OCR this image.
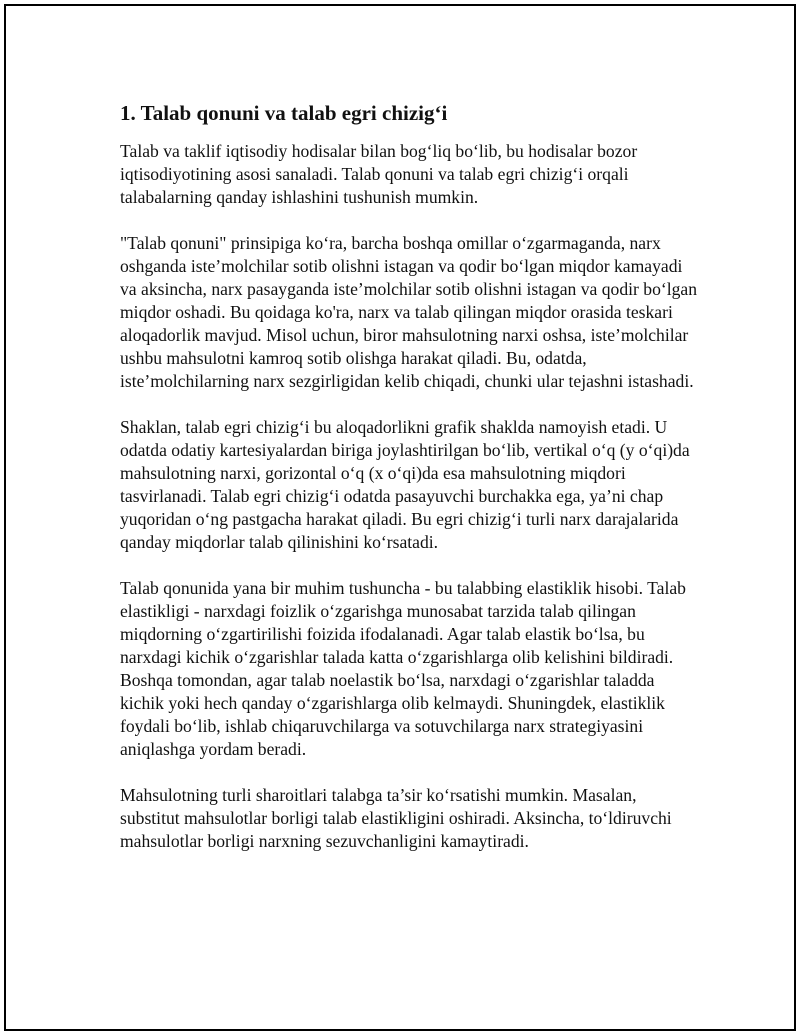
1. Talab qonuni va talab egri chizig‘i

Talab va taklif iqtisodiy hodisalar bilan bog‘liq bo‘lib, bu hodisalar bozor iqtisodiyotining asosi sanaladi. Talab qonuni va talab egri chizig‘i orqali talabalarning qanday ishlashini tushunish mumkin.

"Talab qonuni" prinsipiga ko‘ra, barcha boshqa omillar o‘zgarmaganda, narx oshganda iste’molchilar sotib olishni istagan va qodir bo‘lgan miqdor kamayadi va aksincha, narx pasayganda iste’molchilar sotib olishni istagan va qodir bo‘lgan miqdor oshadi. Bu qoidaga ko'ra, narx va talab qilingan miqdor orasida teskari aloqadorlik mavjud. Misol uchun, biror mahsulotning narxi oshsa, iste’molchilar ushbu mahsulotni kamroq sotib olishga harakat qiladi. Bu, odatda, iste’molchilarning narx sezgirligidan kelib chiqadi, chunki ular tejashni istashadi.

Shaklan, talab egri chizig‘i bu aloqadorlikni grafik shaklda namoyish etadi. U odatda odatiy kartesiyalardan biriga joylashtirilgan bo‘lib, vertikal o‘q (y o‘qi)da mahsulotning narxi, gorizontal o‘q (x o‘qi)da esa mahsulotning miqdori tasvirlanadi. Talab egri chizig‘i odatda pasayuvchi burchakka ega, ya’ni chap yuqoridan o‘ng pastgacha harakat qiladi. Bu egri chizig‘i turli narx darajalarida qanday miqdorlar talab qilinishini ko‘rsatadi.

Talab qonunida yana bir muhim tushuncha - bu talabbing elastiklik hisobi. Talab elastikligi - narxdagi foizlik o‘zgarishga munosabat tarzida talab qilingan miqdorning o‘zgartirilishi foizida ifodalanadi. Agar talab elastik bo‘lsa, bu narxdagi kichik o‘zgarishlar talada katta o‘zgarishlarga olib kelishini bildiradi. Boshqa tomondan, agar talab noelastik bo‘lsa, narxdagi o‘zgarishlar taladda kichik yoki hech qanday o‘zgarishlarga olib kelmaydi. Shuningdek, elastiklik foydali bo‘lib, ishlab chiqaruvchilarga va sotuvchilarga narx strategiyasini aniqlashga yordam beradi.

Mahsulotning turli sharoitlari talabga ta’sir ko‘rsatishi mumkin. Masalan, substitut mahsulotlar borligi talab elastikligini oshiradi. Aksincha, to‘ldiruvchi mahsulotlar borligi narxning sezuvchanligini kamaytiradi.
